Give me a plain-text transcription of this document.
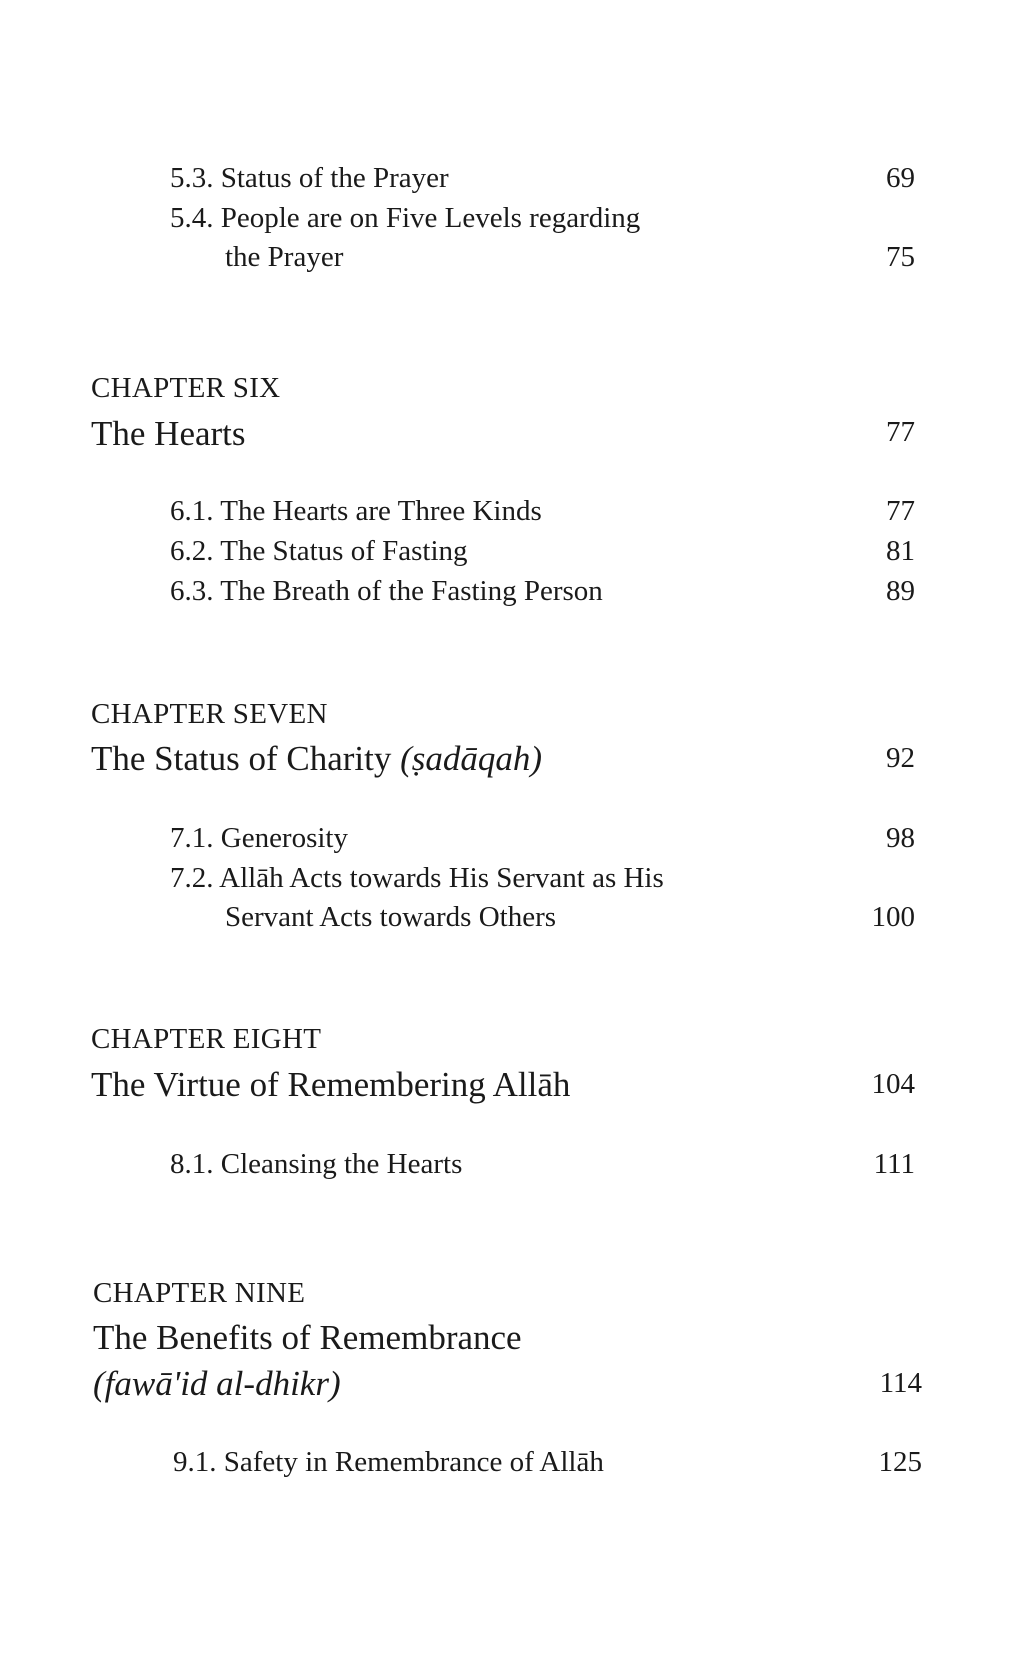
5.3. Status of the Prayer	69
5.4. People are on Five Levels regarding
the Prayer	75
CHAPTER SIX
The Hearts	77
6.1. The Hearts are Three Kinds	77
6.2. The Status of Fasting	81
6.3. The Breath of the Fasting Person	89
CHAPTER SEVEN
The Status of Charity (ṣadāqah)	92
7.1. Generosity	98
7.2. Allāh Acts towards His Servant as His
Servant Acts towards Others	100
CHAPTER EIGHT
The Virtue of Remembering Allāh	104
8.1. Cleansing the Hearts	111
CHAPTER NINE
The Benefits of Remembrance
(fawā'id al-dhikr)	114
9.1. Safety in Remembrance of Allāh	125
